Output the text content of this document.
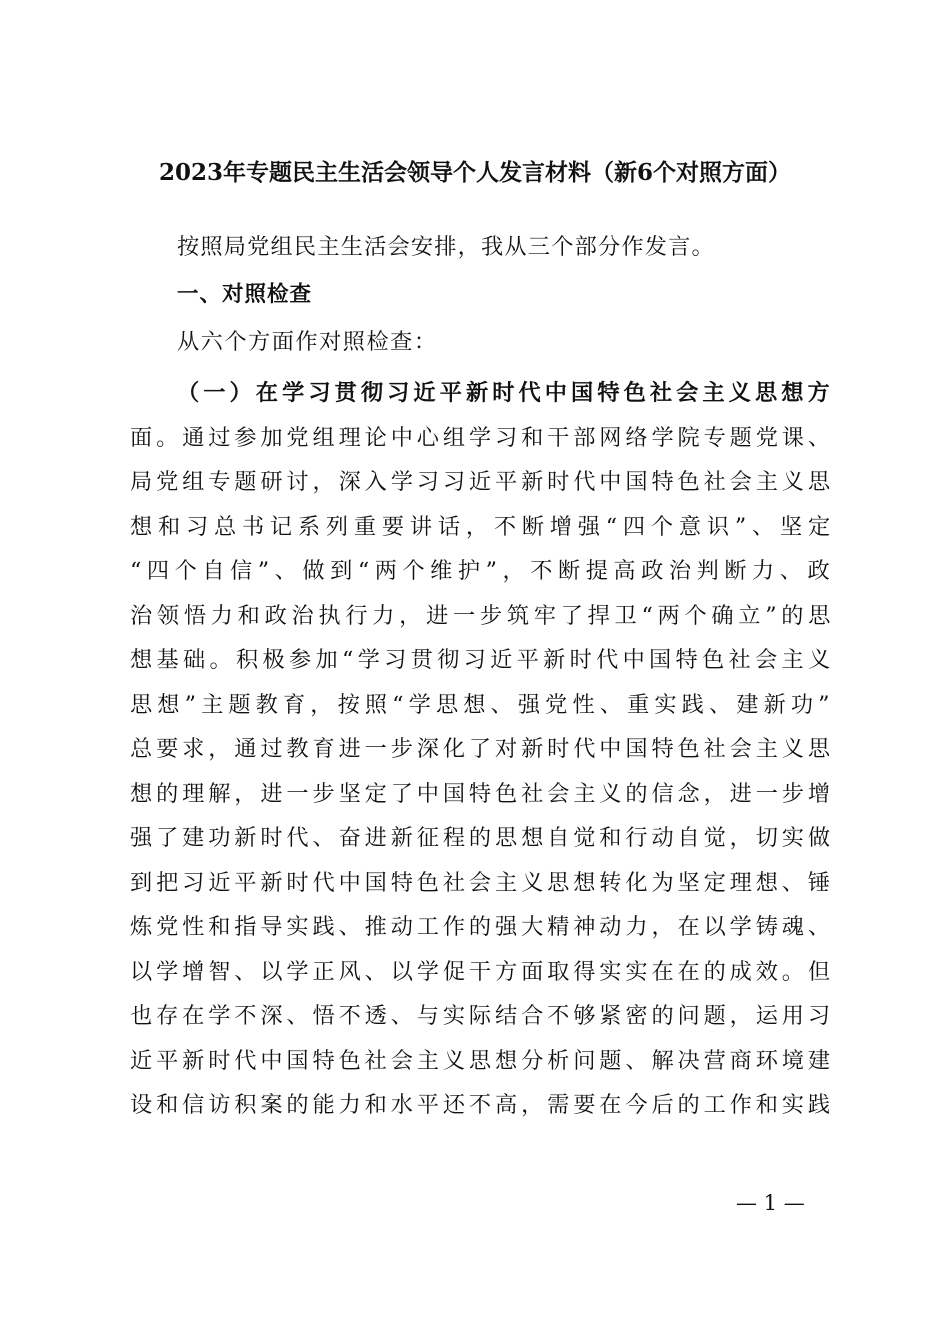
2023年专题民主生活会领导个人发言材料（新6个对照方面）
按照局党组民主生活会安排，我从三个部分作发言。
一、对照检查
从六个方面作对照检查：
（一）在学习贯彻习近平新时代中国特色社会主义思想方
面。通过参加党组理论中心组学习和干部网络学院专题党课、
局党组专题研讨，深入学习习近平新时代中国特色社会主义思
想和习总书记系列重要讲话，不断增强“四个意识”、坚定
“四个自信”、做到“两个维护”，不断提高政治判断力、政
治领悟力和政治执行力，进一步筑牢了捍卫“两个确立”的思
想基础。积极参加“学习贯彻习近平新时代中国特色社会主义
思想”主题教育，按照“学思想、强党性、重实践、建新功”
总要求，通过教育进一步深化了对新时代中国特色社会主义思
想的理解，进一步坚定了中国特色社会主义的信念，进一步增
强了建功新时代、奋进新征程的思想自觉和行动自觉，切实做
到把习近平新时代中国特色社会主义思想转化为坚定理想、锤
炼党性和指导实践、推动工作的强大精神动力，在以学铸魂、
以学增智、以学正风、以学促干方面取得实实在在的成效。但
也存在学不深、悟不透、与实际结合不够紧密的问题，运用习
近平新时代中国特色社会主义思想分析问题、解决营商环境建
设和信访积案的能力和水平还不高，需要在今后的工作和实践
— 1 —
